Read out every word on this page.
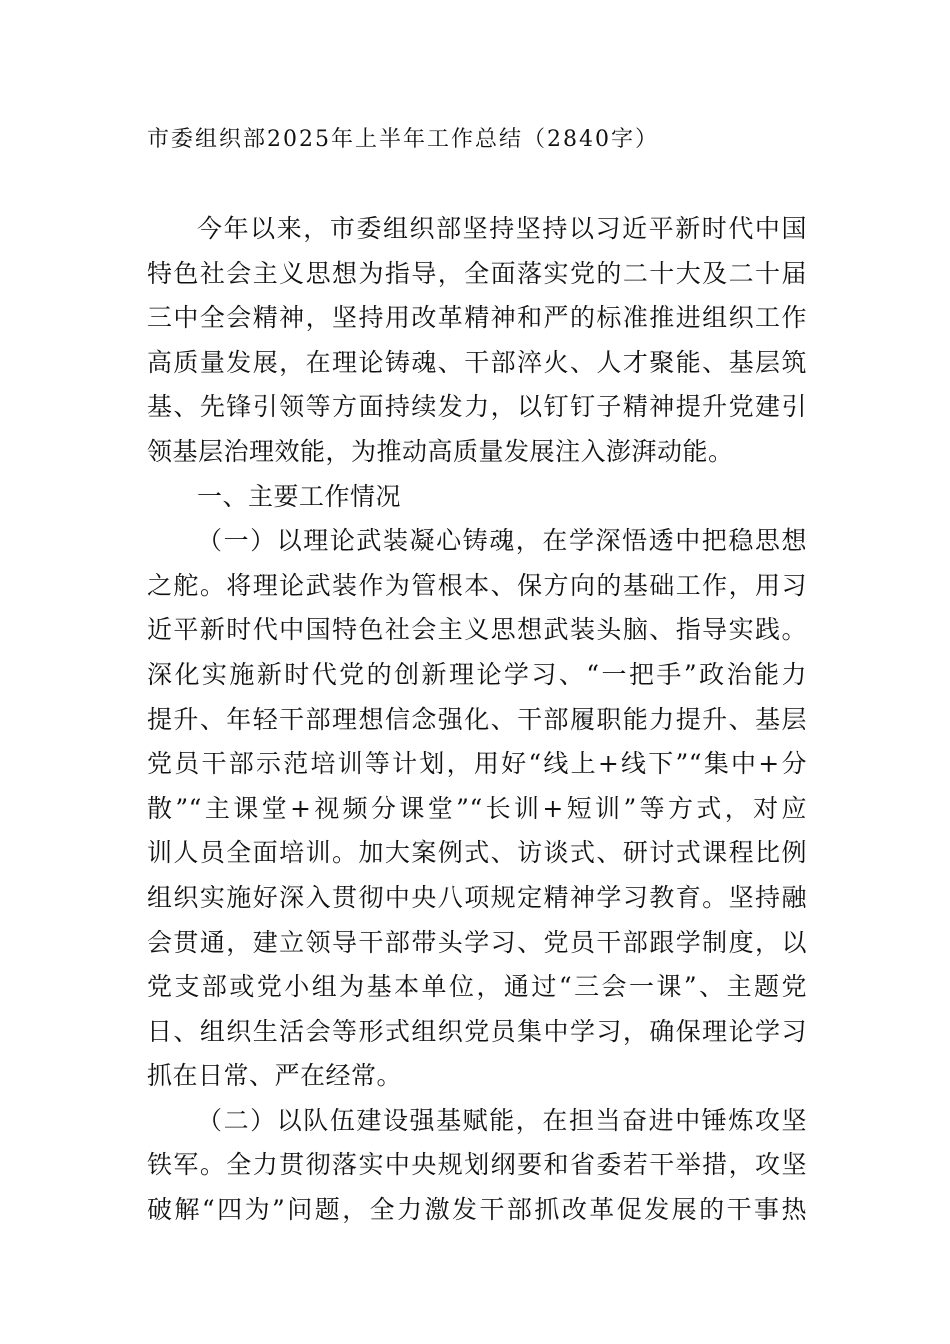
市委组织部2025年上半年工作总结（2840字）
今年以来，市委组织部坚持坚持以习近平新时代中国
特色社会主义思想为指导，全面落实党的二十大及二十届
三中全会精神，坚持用改革精神和严的标准推进组织工作
高质量发展，在理论铸魂、干部淬火、人才聚能、基层筑
基、先锋引领等方面持续发力，以钉钉子精神提升党建引
领基层治理效能，为推动高质量发展注入澎湃动能。
一、主要工作情况
（一）以理论武装凝心铸魂，在学深悟透中把稳思想
之舵。将理论武装作为管根本、保方向的基础工作，用习
近平新时代中国特色社会主义思想武装头脑、指导实践。
深化实施新时代党的创新理论学习、“一把手”政治能力
提升、年轻干部理想信念强化、干部履职能力提升、基层
党员干部示范培训等计划，用好“线上+线下”“集中+分
散”“主课堂+视频分课堂”“长训+短训”等方式，对应
训人员全面培训。加大案例式、访谈式、研讨式课程比例
组织实施好深入贯彻中央八项规定精神学习教育。坚持融
会贯通，建立领导干部带头学习、党员干部跟学制度，以
党支部或党小组为基本单位，通过“三会一课”、主题党
日、组织生活会等形式组织党员集中学习，确保理论学习
抓在日常、严在经常。
（二）以队伍建设强基赋能，在担当奋进中锤炼攻坚
铁军。全力贯彻落实中央规划纲要和省委若干举措，攻坚
破解“四为”问题，全力激发干部抓改革促发展的干事热
